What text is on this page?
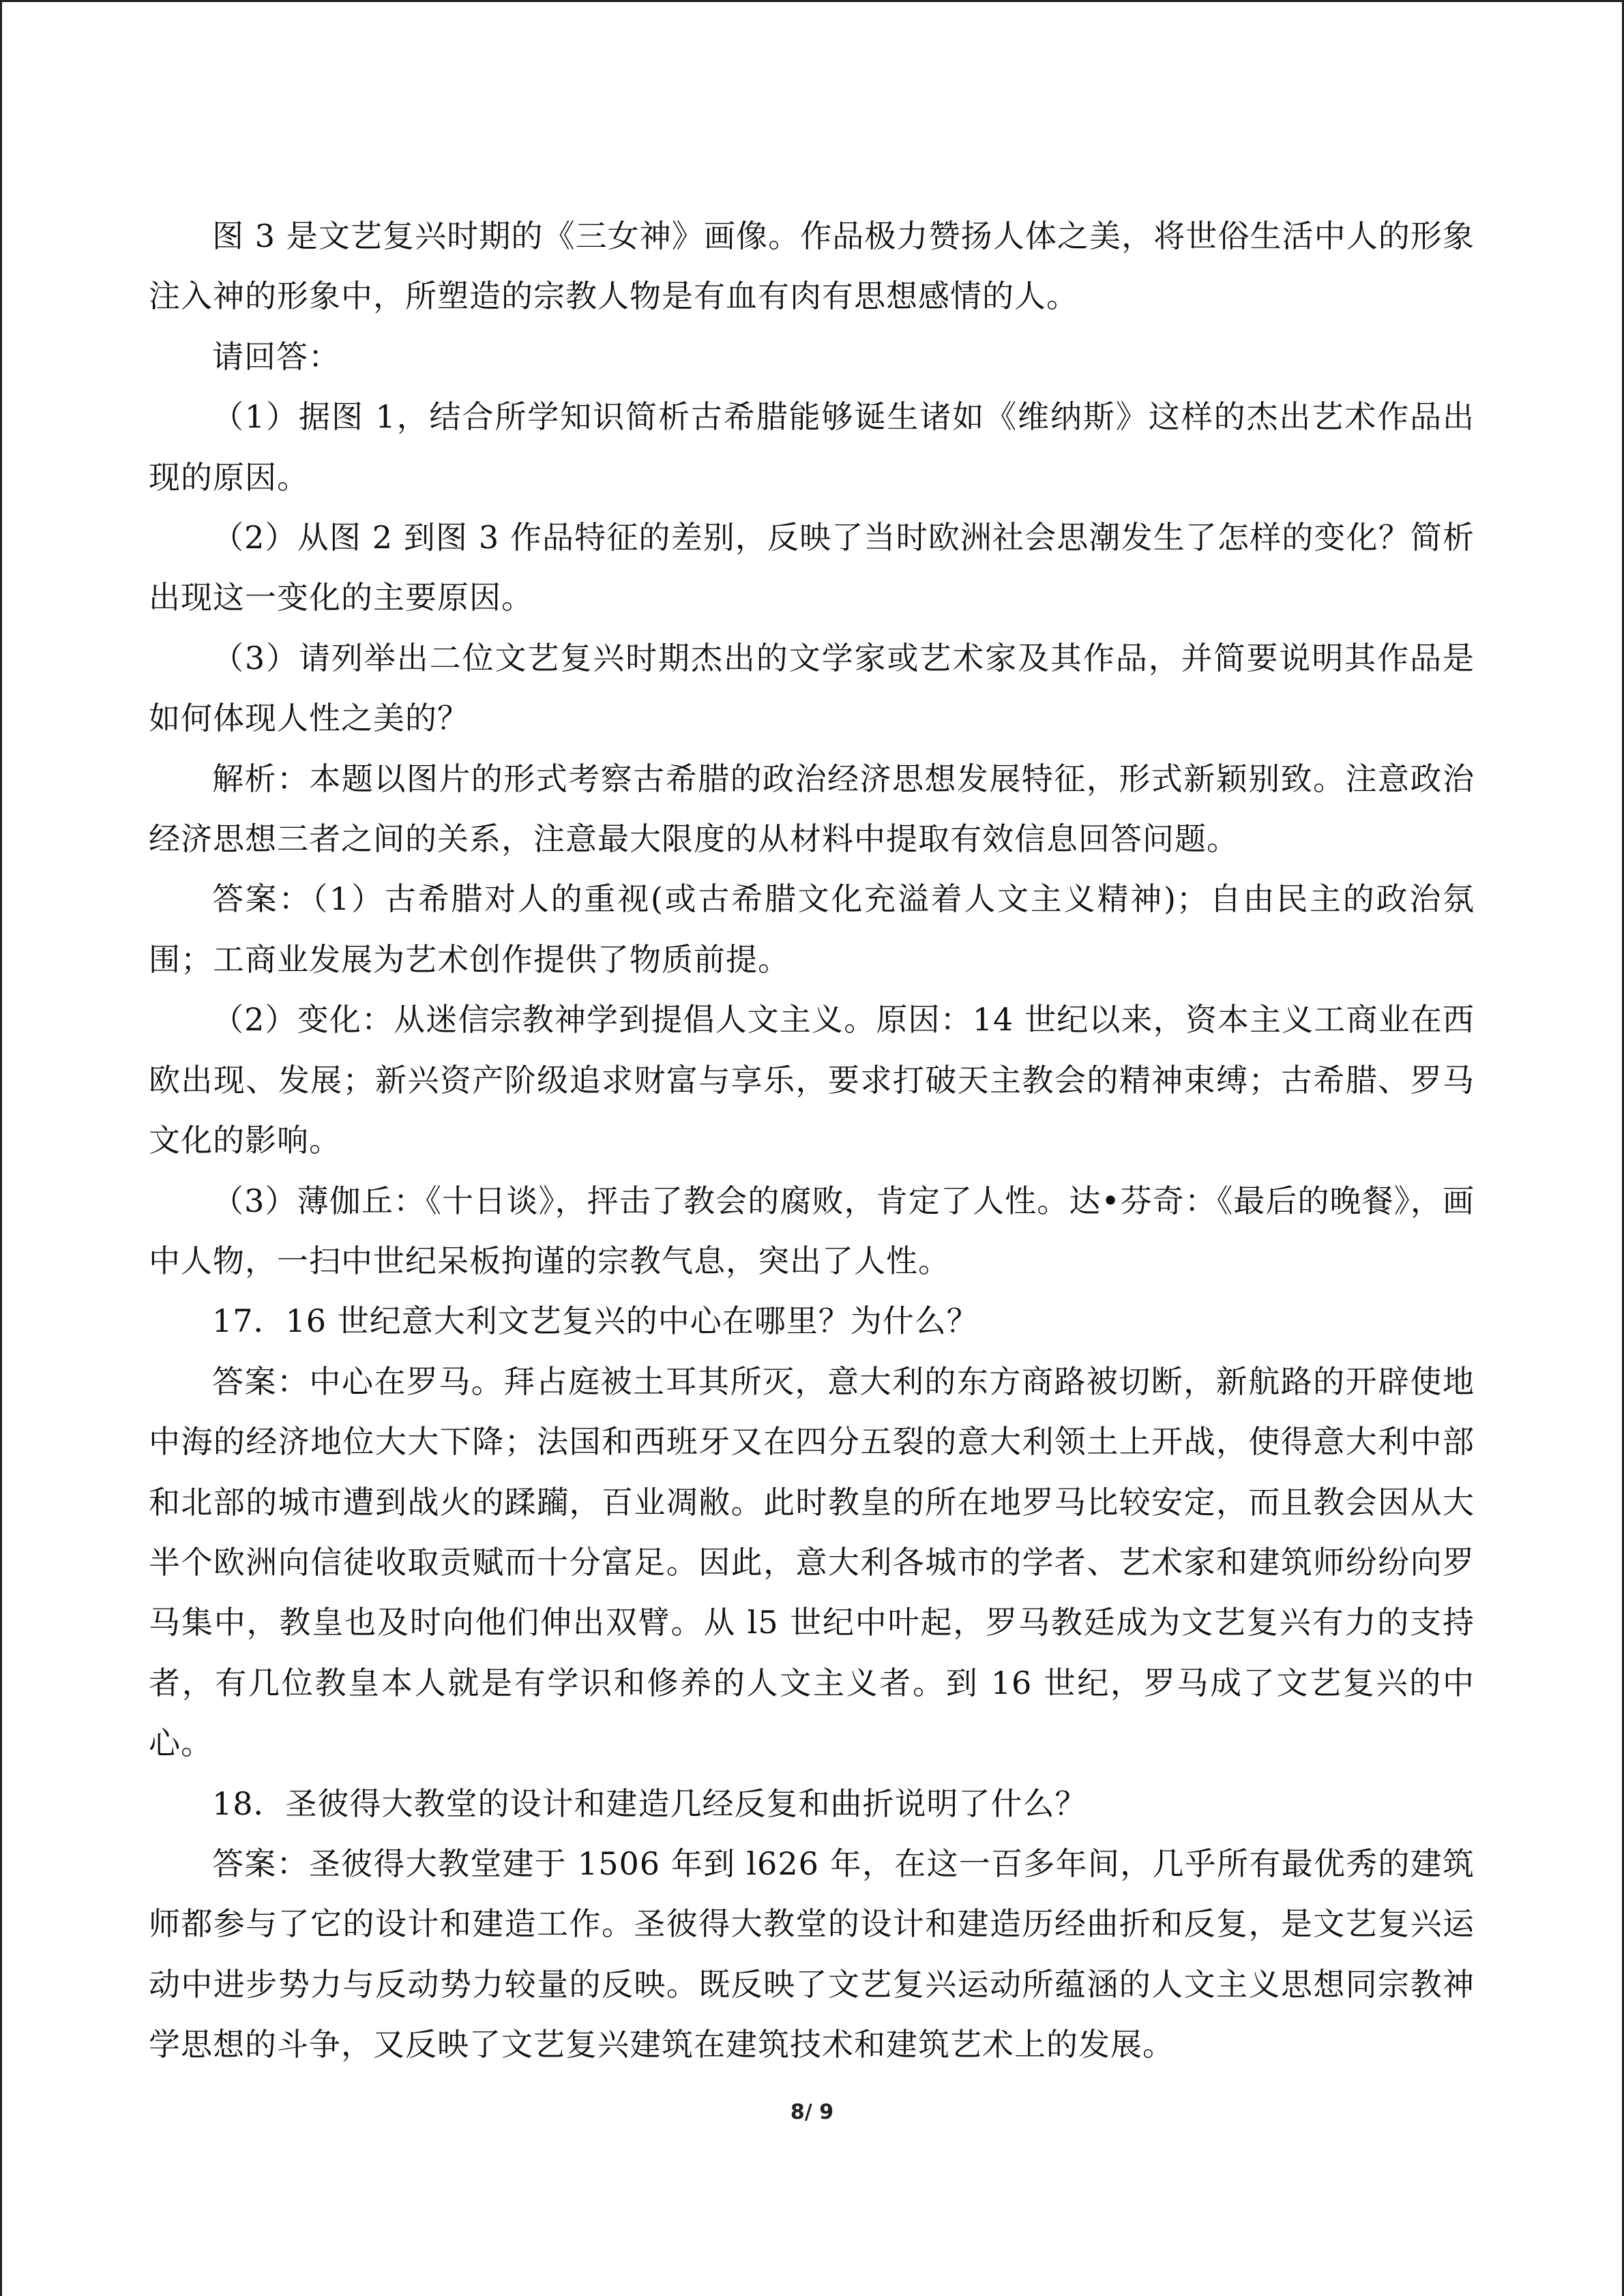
图 3 是文艺复兴时期的《三女神》画像。作品极力赞扬人体之美，将世俗生活中人的形象注入神的形象中，所塑造的宗教人物是有血有肉有思想感情的人。

请回答：

（1）据图 1，结合所学知识简析古希腊能够诞生诸如《维纳斯》这样的杰出艺术作品出现的原因。

（2）从图 2 到图 3 作品特征的差别，反映了当时欧洲社会思潮发生了怎样的变化？简析出现这一变化的主要原因。

（3）请列举出二位文艺复兴时期杰出的文学家或艺术家及其作品，并简要说明其作品是如何体现人性之美的？

解析：本题以图片的形式考察古希腊的政治经济思想发展特征，形式新颖别致。注意政治经济思想三者之间的关系，注意最大限度的从材料中提取有效信息回答问题。

答案：（1）古希腊对人的重视(或古希腊文化充溢着人文主义精神)；自由民主的政治氛围；工商业发展为艺术创作提供了物质前提。

（2）变化：从迷信宗教神学到提倡人文主义。原因：14 世纪以来，资本主义工商业在西欧出现、发展；新兴资产阶级追求财富与享乐，要求打破天主教会的精神束缚；古希腊、罗马文化的影响。

（3）薄伽丘：《十日谈》，抨击了教会的腐败，肯定了人性。达•芬奇：《最后的晚餐》，画中人物，一扫中世纪呆板拘谨的宗教气息，突出了人性。

17．16 世纪意大利文艺复兴的中心在哪里？为什么？

答案：中心在罗马。拜占庭被土耳其所灭，意大利的东方商路被切断，新航路的开辟使地中海的经济地位大大下降；法国和西班牙又在四分五裂的意大利领土上开战，使得意大利中部和北部的城市遭到战火的蹂躏，百业凋敝。此时教皇的所在地罗马比较安定，而且教会因从大半个欧洲向信徒收取贡赋而十分富足。因此，意大利各城市的学者、艺术家和建筑师纷纷向罗马集中，教皇也及时向他们伸出双臂。从 l5 世纪中叶起，罗马教廷成为文艺复兴有力的支持者，有几位教皇本人就是有学识和修养的人文主义者。到 16 世纪，罗马成了文艺复兴的中心。

18．圣彼得大教堂的设计和建造几经反复和曲折说明了什么？

答案：圣彼得大教堂建于 1506 年到 l626 年，在这一百多年间，几乎所有最优秀的建筑师都参与了它的设计和建造工作。圣彼得大教堂的设计和建造历经曲折和反复，是文艺复兴运动中进步势力与反动势力较量的反映。既反映了文艺复兴运动所蕴涵的人文主义思想同宗教神学思想的斗争，又反映了文艺复兴建筑在建筑技术和建筑艺术上的发展。

8/ 9
